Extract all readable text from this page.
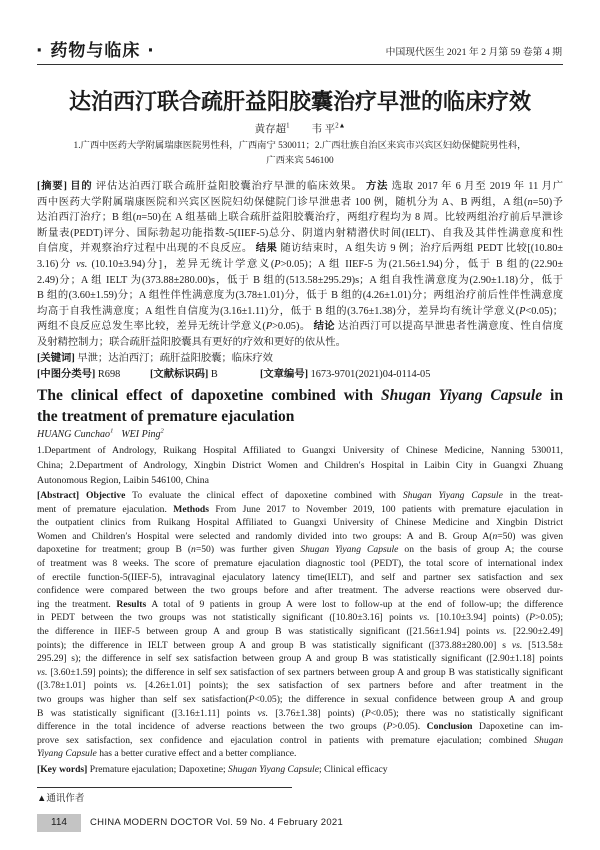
· 药物与临床 ·	中国现代医生 2021 年 2 月第 59 卷第 4 期
达泊西汀联合疏肝益阳胶囊治疗早泄的临床疗效
黄存超$^1$ 韦 平$^{2▲}$
1.广西中医药大学附属瑞康医院男性科，广西南宁 530011；2.广西壮族自治区来宾市兴宾区妇幼保健院男性科，
广西来宾 546100
[摘要] 目的 评估达泊西汀联合疏肝益阳胶囊治疗早泄的临床效果。 方法 选取 2017 年 6 月至 2019 年 11 月广
西中医药大学附属瑞康医院和兴宾区医院妇幼保健院门诊早泄患者 100 例，随机分为 A、B 两组，A 组(n=50)予
达泊西汀治疗；B 组(n=50)在 A 组基础上联合疏肝益阳胶囊治疗，两组疗程均为 8 周。比较两组治疗前后早泄诊
断量表(PEDT)评分、国际勃起功能指数-5(IIEF-5)总分、阴道内射精潜伏时间(IELT)、自我及其伴性满意度和性
自信度，并观察治疗过程中出现的不良反应。 结果 随访结束时，A 组失访 9 例；治疗后两组 PEDT 比较[(10.80±
3.16)分 vs. (10.10±3.94)分]，差异无统计学意义(P>0.05)；A 组 IIEF-5 为(21.56±1.94)分，低于 B 组的(22.90±
2.49)分；A 组 IELT 为(373.88±280.00)s，低于 B 组的(513.58±295.29)s；A 组自我性满意度为(2.90±1.18)分，低于
B 组的(3.60±1.59)分；A 组性伴性满意度为(3.78±1.01)分，低于 B 组的(4.26±1.01)分；两组治疗前后性伴性满意度
均高于自我性满意度；A 组性自信度为(3.16±1.11)分，低于 B 组的(3.76±1.38)分，差异均有统计学意义(P<0.05)；
两组不良反应总发生率比较，差异无统计学意义(P>0.05)。 结论 达泊西汀可以提高早泄患者性满意度、性自信度
及射精控制力；联合疏肝益阳胶囊具有更好的疗效和更好的依从性。
[关键词] 早泄；达泊西汀；疏肝益阳胶囊；临床疗效
[中图分类号] R698	[文献标识码] B	[文章编号] 1673-9701(2021)04-0114-05
The clinical effect of dapoxetine combined with Shugan Yiyang Capsule in
the treatment of premature ejaculation
HUANG Cunchao$^1$ WEI Ping$^2$
1.Department of Andrology, Ruikang Hospital Affiliated to Guangxi University of Chinese Medicine, Nanning 530011,
China; 2.Department of Andrology, Xingbin District Women and Children′s Hospital in Laibin City in Guangxi Zhuang
Autonomous Region, Laibin 546100, China
[Abstract] Objective To evaluate the clinical effect of dapoxetine combined with Shugan Yiyang Capsule in the treat-
ment of premature ejaculation. Methods From June 2017 to November 2019, 100 patients with premature ejaculation in
the outpatient clinics from Ruikang Hospital Affiliated to Guangxi University of Chinese Medicine and Xingbin District
Women and Children′s Hospital were selected and randomly divided into two groups: A and B. Group A(n=50) was given
dapoxetine for treatment; group B (n=50) was further given Shugan Yiyang Capsule on the basis of group A; the course
of treatment was 8 weeks. The score of premature ejaculation diagnostic tool (PEDT), the total score of international index
of erectile function-5(IIEF-5), intravaginal ejaculatory latency time(IELT), and self and partner sex satisfaction and sex
confidence were compared between the two groups before and after treatment. The adverse reactions were observed dur-
ing the treatment. Results A total of 9 patients in group A were lost to follow-up at the end of follow-up; the difference
in PEDT between the two groups was not statistically significant ([10.80±3.16] points vs. [10.10±3.94] points) (P>0.05);
the difference in IIEF-5 between group A and group B was statistically significant ([21.56±1.94] points vs. [22.90±2.49]
points); the difference in IELT between group A and group B was statistically significant ([373.88±280.00] s vs. [513.58±
295.29] s); the difference in self sex satisfaction between group A and group B was statistically significant ([2.90±1.18] points
vs. [3.60±1.59] points); the difference in self sex satisfaction of sex partners between group A and group B was statistically significant
([3.78±1.01] points vs. [4.26±1.01] points); the sex satisfaction of sex partners before and after treatment in the
two groups was higher than self sex satisfaction(P<0.05); the difference in sexual confidence between group A and group
B was statistically significant ([3.16±1.11] points vs. [3.76±1.38] points) (P<0.05); there was no statistically significant
difference in the total incidence of adverse reactions between the two groups (P>0.05). Conclusion Dapoxetine can im-
prove sex satisfaction, sex confidence and ejaculation control in patients with premature ejaculation; combined Shugan
Yiyang Capsule has a better curative effect and a better compliance.
[Key words] Premature ejaculation; Dapoxetine; Shugan Yiyang Capsule; Clinical efficacy
▲通讯作者
114	CHINA MODERN DOCTOR Vol. 59 No. 4 February 2021
